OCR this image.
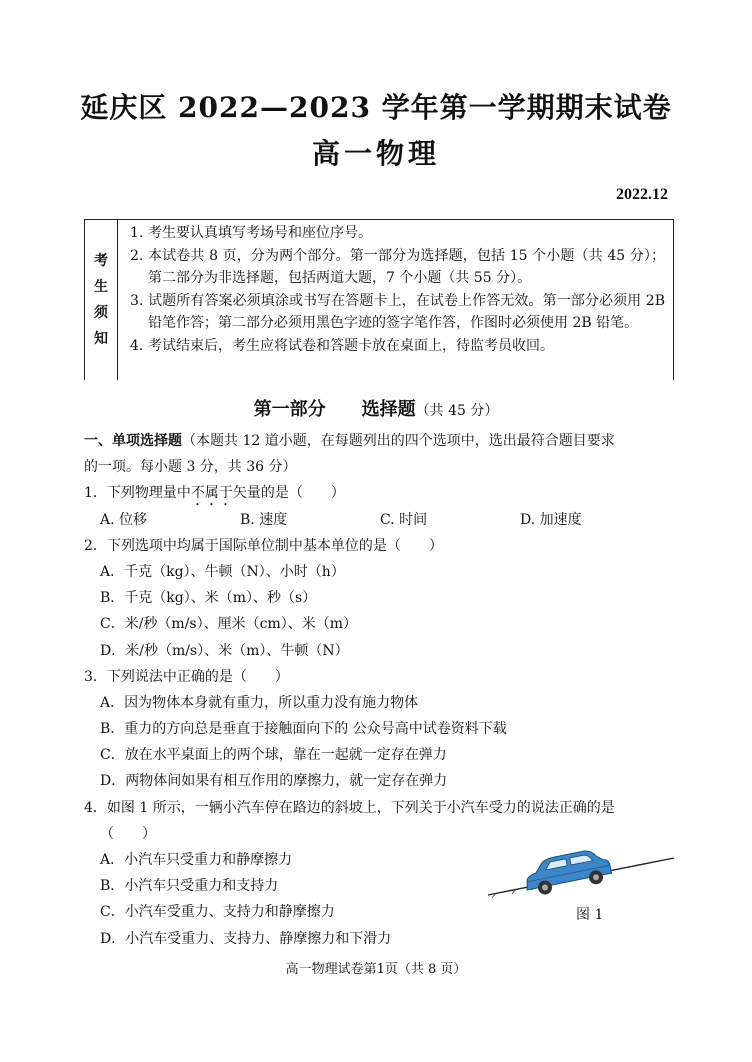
延庆区 2022—2023 学年第一学期期末试卷
高一物理
2022.12
考
生
须
知
1. 考生要认真填写考场号和座位序号。
2. 本试卷共 8 页，分为两个部分。第一部分为选择题，包括 15 个小题（共 45 分）；第二部分为非选择题，包括两道大题，7 个小题（共 55 分）。
3. 试题所有答案必须填涂或书写在答题卡上，在试卷上作答无效。第一部分必须用 2B 铅笔作答；第二部分必须用黑色字迹的签字笔作答，作图时必须使用 2B 铅笔。
4. 考试结束后，考生应将试卷和答题卡放在桌面上，待监考员收回。
第一部分　　选择题（共 45 分）
一、单项选择题（本题共 12 道小题，在每题列出的四个选项中，选出最符合题目要求
的一项。每小题 3 分，共 36 分）
1．下列物理量中不属于矢量的是（　　）
A. 位移	B. 速度	C. 时间	D. 加速度
2．下列选项中均属于国际单位制中基本单位的是（　　）
A．千克（kg）、牛顿（N）、小时（h）
B．千克（kg）、米（m）、秒（s）
C．米/秒（m/s）、厘米（cm）、米（m）
D．米/秒（m/s）、米（m）、牛顿（N）
3．下列说法中正确的是（　　）
A．因为物体本身就有重力，所以重力没有施力物体
B．重力的方向总是垂直于接触面向下的 公众号高中试卷资料下载
C．放在水平桌面上的两个球，靠在一起就一定存在弹力
D．两物体间如果有相互作用的摩擦力，就一定存在弹力
4．如图 1 所示，一辆小汽车停在路边的斜坡上，下列关于小汽车受力的说法正确的是
（　　）
A．小汽车只受重力和静摩擦力
B．小汽车只受重力和支持力
C．小汽车受重力、支持力和静摩擦力
D．小汽车受重力、支持力、静摩擦力和下滑力
图 1
高一物理试卷第1页（共 8 页）
